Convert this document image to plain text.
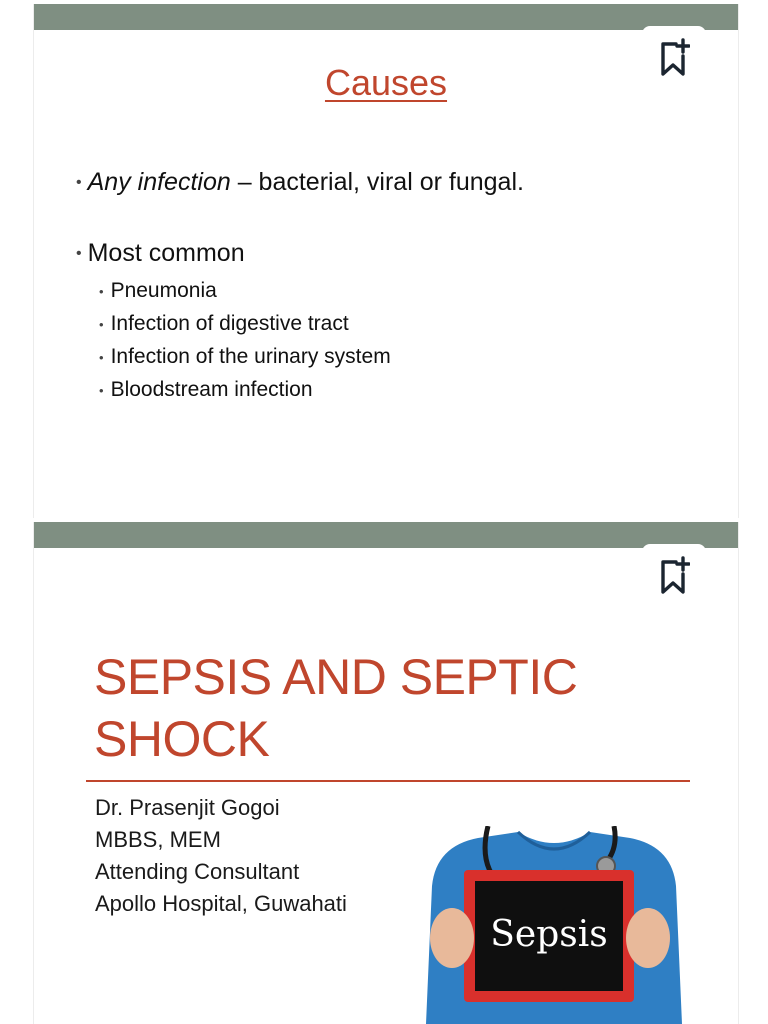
Causes
• Any infection – bacterial, viral or fungal.
• Most common
• Pneumonia
• Infection of digestive tract
• Infection of the urinary system
• Bloodstream infection
SEPSIS AND SEPTIC
SHOCK
Dr. Prasenjit Gogoi
MBBS, MEM
Attending Consultant
Apollo Hospital, Guwahati
Sepsis
